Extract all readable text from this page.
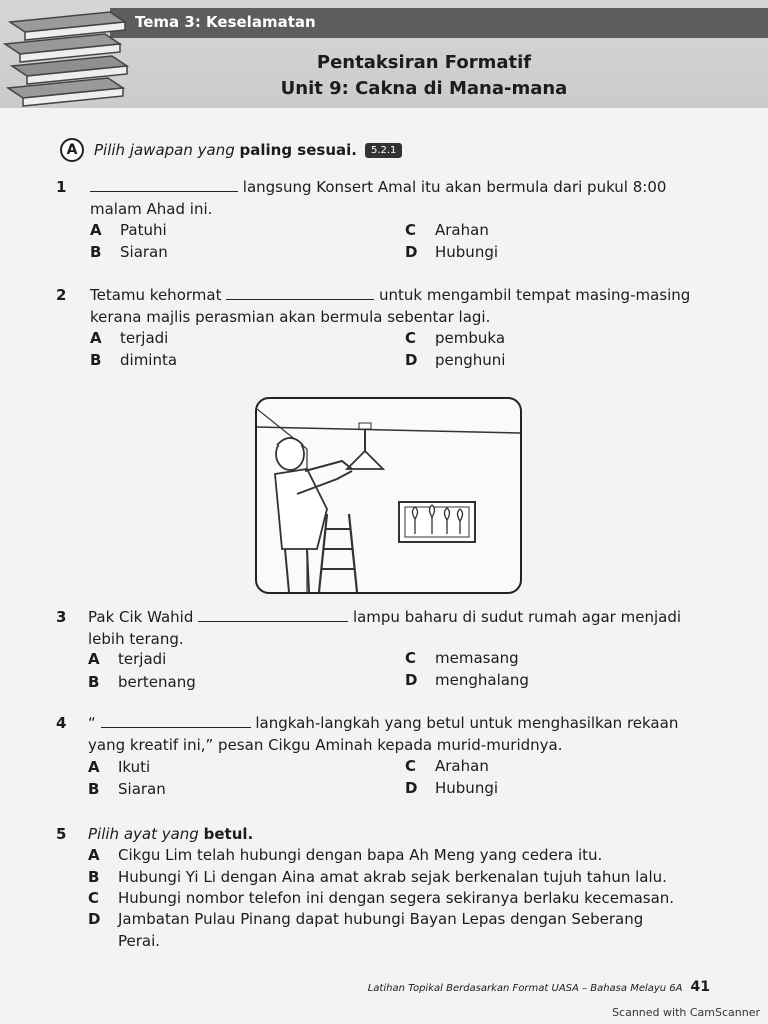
Tema 3: Keselamatan
Pentaksiran Formatif
Unit 9: Cakna di Mana-mana
A	Pilih jawapan yang paling sesuai.	5.2.1
1	langsung Konsert Amal itu akan bermula dari pukul 8:00
malam Ahad ini.
A Patuhi
B Siaran
C Arahan
D Hubungi
2 Tetamu kehormat	untuk mengambil tempat masing-masing
kerana majlis perasmian akan bermula sebentar lagi.
A terjadi
B diminta
C pembuka
D penghuni
3 Pak Cik Wahid	lampu baharu di sudut rumah agar menjadi
lebih terang.
A terjadi
B bertenang
C memasang
D menghalang
4 “	langkah-langkah yang betul untuk menghasilkan rekaan
yang kreatif ini,” pesan Cikgu Aminah kepada murid-muridnya.
A Ikuti
B Siaran
C Arahan
D Hubungi
5 Pilih ayat yang betul.
A Cikgu Lim telah hubungi dengan bapa Ah Meng yang cedera itu.
B Hubungi Yi Li dengan Aina amat akrab sejak berkenalan tujuh tahun lalu.
C Hubungi nombor telefon ini dengan segera sekiranya berlaku kecemasan.
D Jambatan Pulau Pinang dapat hubungi Bayan Lepas dengan Seberang
Perai.
Latihan Topikal Berdasarkan Format UASA – Bahasa Melayu 6A 41
Scanned with CamScanner
